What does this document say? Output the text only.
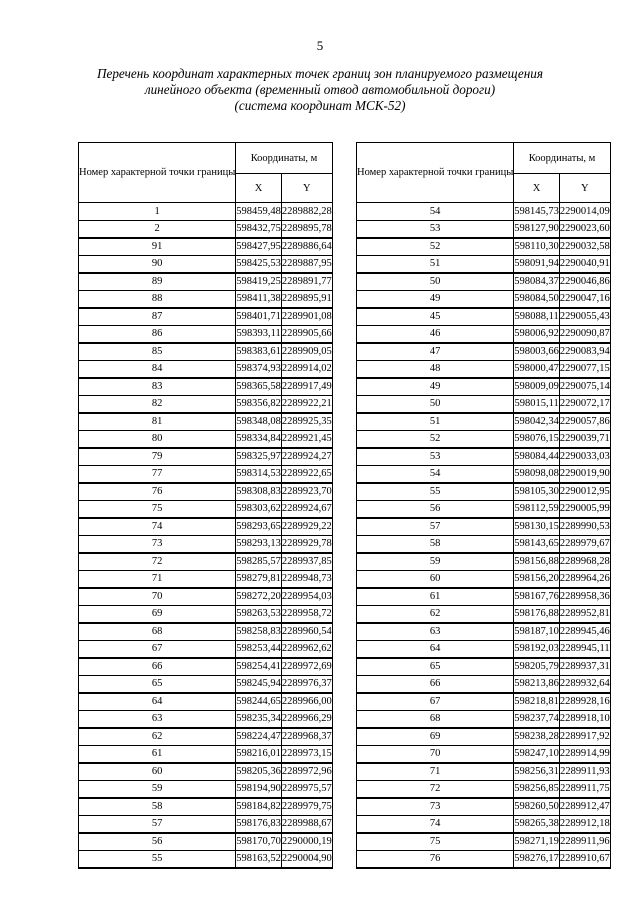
5
Перечень координат характерных точек границ зон планируемого размещения
линейного объекта (временный отвод автомобильной дороги)
(система координат МСК-52)
Номер характерной точки границы	Координаты, м	
	X	Y
1	598459,48	2289882,28
2	598432,75	2289895,78
91	598427,95	2289886,64
90	598425,53	2289887,95
89	598419,25	2289891,77
88	598411,38	2289895,91
87	598401,71	2289901,08
86	598393,11	2289905,66
85	598383,61	2289909,05
84	598374,93	2289914,02
83	598365,58	2289917,49
82	598356,82	2289922,21
81	598348,08	2289925,35
80	598334,84	2289921,45
79	598325,97	2289924,27
77	598314,53	2289922,65
76	598308,83	2289923,70
75	598303,62	2289924,67
74	598293,65	2289929,22
73	598293,13	2289929,78
72	598285,57	2289937,85
71	598279,81	2289948,73
70	598272,20	2289954,03
69	598263,53	2289958,72
68	598258,83	2289960,54
67	598253,44	2289962,62
66	598254,41	2289972,69
65	598245,94	2289976,37
64	598244,65	2289966,00
63	598235,34	2289966,29
62	598224,47	2289968,37
61	598216,01	2289973,15
60	598205,36	2289972,96
59	598194,90	2289975,57
58	598184,82	2289979,75
57	598176,83	2289988,67
56	598170,70	2290000,19
55	598163,52	2290004,90
Номер характерной точки границы	Координаты, м	
	X	Y
54	598145,73	2290014,09
53	598127,90	2290023,60
52	598110,30	2290032,58
51	598091,94	2290040,91
50	598084,37	2290046,86
49	598084,50	2290047,16
45	598088,11	2290055,43
46	598006,92	2290090,87
47	598003,66	2290083,94
48	598000,47	2290077,15
49	598009,09	2290075,14
50	598015,11	2290072,17
51	598042,34	2290057,86
52	598076,15	2290039,71
53	598084,44	2290033,03
54	598098,08	2290019,90
55	598105,30	2290012,95
56	598112,59	2290005,99
57	598130,15	2289990,53
58	598143,65	2289979,67
59	598156,88	2289968,28
60	598156,20	2289964,26
61	598167,76	2289958,36
62	598176,88	2289952,81
63	598187,10	2289945,46
64	598192,03	2289945,11
65	598205,79	2289937,31
66	598213,86	2289932,64
67	598218,81	2289928,16
68	598237,74	2289918,10
69	598238,28	2289917,92
70	598247,10	2289914,99
71	598256,31	2289911,93
72	598256,85	2289911,75
73	598260,50	2289912,47
74	598265,38	2289912,18
75	598271,19	2289911,96
76	598276,17	2289910,67
